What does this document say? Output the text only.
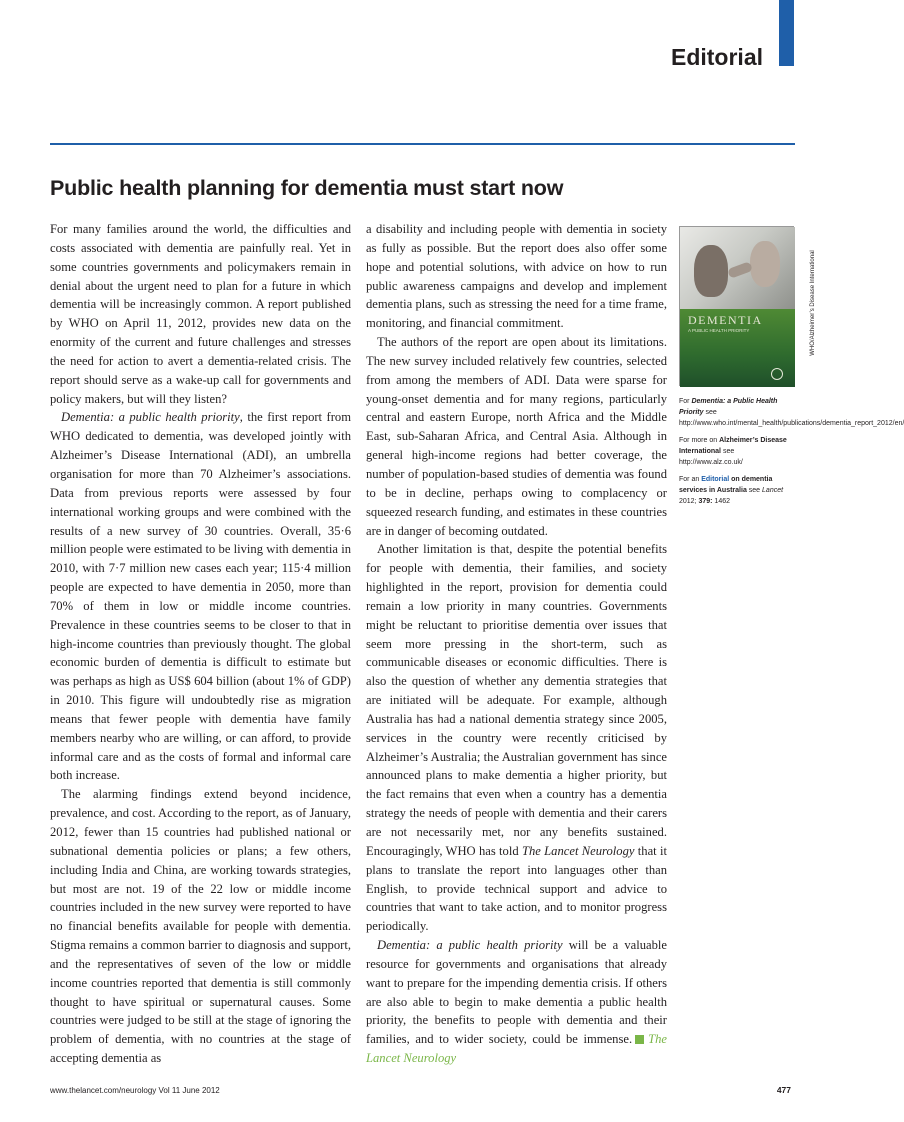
Editorial
Public health planning for dementia must start now

For many families around the world, the difficulties and costs associated with dementia are painfully real. Yet in some countries governments and policymakers remain in denial about the urgent need to plan for a future in which dementia will be increasingly common. A report published by WHO on April 11, 2012, provides new data on the enormity of the current and future challenges and stresses the need for action to avert a dementia-related crisis. The report should serve as a wake-up call for governments and policy makers, but will they listen?

Dementia: a public health priority, the first report from WHO dedicated to dementia, was developed jointly with Alzheimer’s Disease International (ADI), an umbrella organisation for more than 70 Alzheimer’s associations. Data from previous reports were assessed by four international working groups and were combined with the results of a new survey of 30 countries. Overall, 35·6 million people were estimated to be living with dementia in 2010, with 7·7 million new cases each year; 115·4 million people are expected to have dementia in 2050, more than 70% of them in low or middle income countries. Prevalence in these countries seems to be closer to that in high-income countries than previously thought. The global economic burden of dementia is difficult to estimate but was perhaps as high as US$ 604 billion (about 1% of GDP) in 2010. This figure will undoubtedly rise as migration means that fewer people with dementia have family members nearby who are willing, or can afford, to provide informal care and as the costs of formal and informal care both increase.

The alarming findings extend beyond incidence, prevalence, and cost. According to the report, as of January, 2012, fewer than 15 countries had published national or subnational dementia policies or plans; a few others, including India and China, are working towards strategies, but most are not. 19 of the 22 low or middle income countries included in the new survey were reported to have no financial benefits available for people with dementia. Stigma remains a common barrier to diagnosis and support, and the representatives of seven of the low or middle income countries reported that dementia is still commonly thought to have spiritual or supernatural causes. Some countries were judged to be still at the stage of ignoring the problem of dementia, with no countries at the stage of accepting dementia as

a disability and including people with dementia in society as fully as possible. But the report does also offer some hope and potential solutions, with advice on how to run public awareness campaigns and develop and implement dementia plans, such as stressing the need for a time frame, monitoring, and financial commitment.

The authors of the report are open about its limitations. The new survey included relatively few countries, selected from among the members of ADI. Data were sparse for young-onset dementia and for many regions, particularly central and eastern Europe, north Africa and the Middle East, sub-Saharan Africa, and Central Asia. Although in general high-income regions had better coverage, the number of population-based studies of dementia was found to be in decline, perhaps owing to complacency or squeezed research funding, and estimates in these countries are in danger of becoming outdated.

Another limitation is that, despite the potential benefits for people with dementia, their families, and society highlighted in the report, provision for dementia could remain a low priority in many countries. Governments might be reluctant to prioritise dementia over issues that seem more pressing in the short-term, such as communicable diseases or economic difficulties. There is also the question of whether any dementia strategies that are initiated will be adequate. For example, although Australia has had a national dementia strategy since 2005, services in the country were recently criticised by Alzheimer’s Australia; the Australian government has since announced plans to make dementia a higher priority, but the fact remains that even when a country has a dementia strategy the needs of people with dementia and their carers are not necessarily met, nor any benefits sustained. Encouragingly, WHO has told The Lancet Neurology that it plans to translate the report into languages other than English, to provide technical support and advice to countries that want to take action, and to monitor progress periodically.

Dementia: a public health priority will be a valuable resource for governments and organisations that already want to prepare for the impending dementia crisis. If others are also able to begin to make dementia a public health priority, the benefits to people with dementia and their families, and to wider society, could be immense. The Lancet Neurology

DEMENTIA
A PUBLIC HEALTH PRIORITY	WHO/Alzheimer’s Disease International
For Dementia: a Public Health Priority see http://www.who.int/mental_health/publications/dementia_report_2012/en/
For more on Alzheimer’s Disease International see http://www.alz.co.uk/
For an Editorial on dementia services in Australia see Lancet 2012; 379: 1462
www.thelancet.com/neurology Vol 11 June 2012	477
